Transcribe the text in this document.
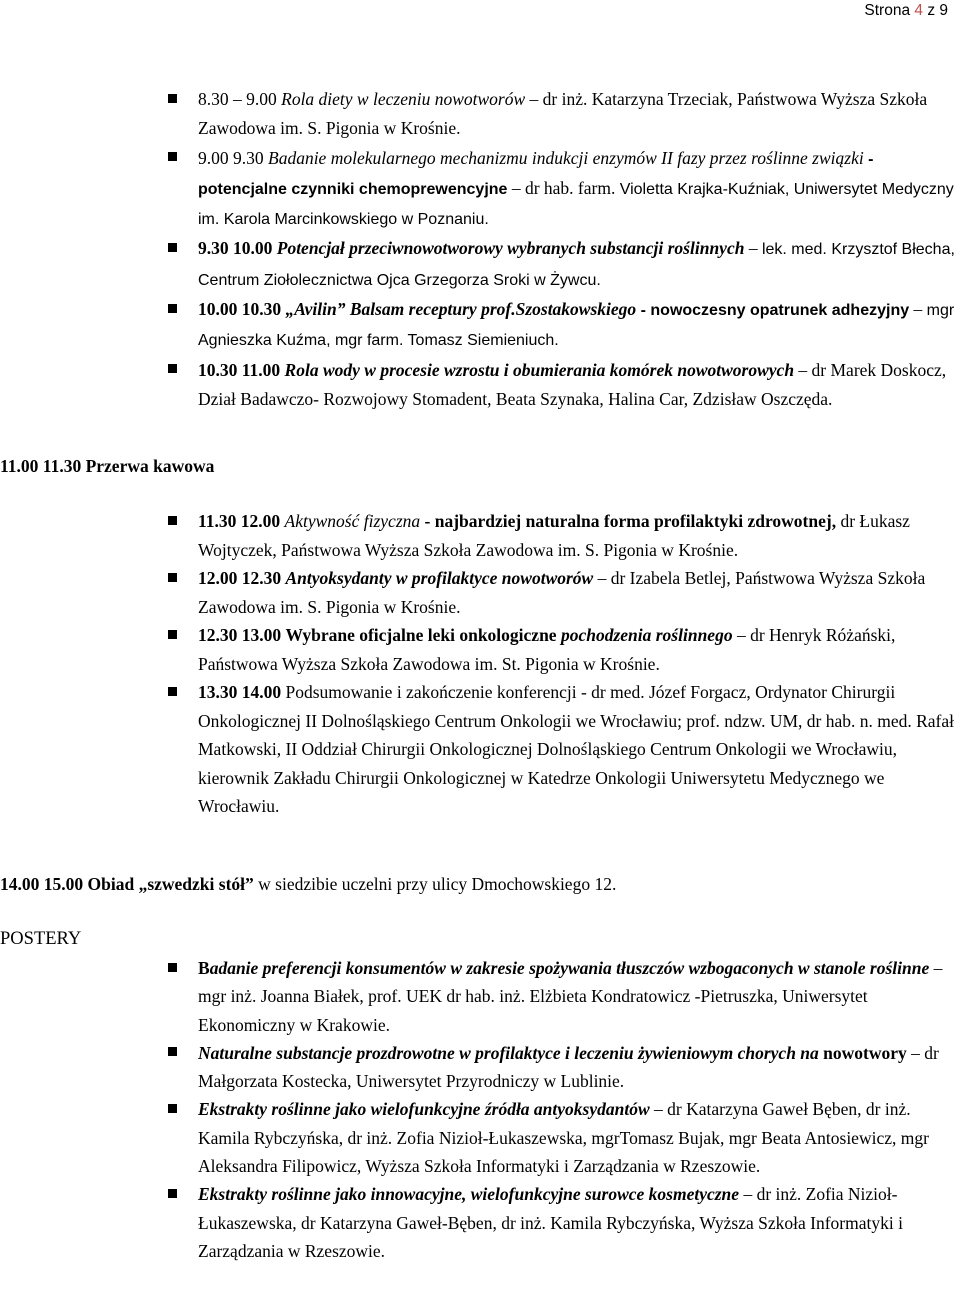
Strona 4 z 9
8.30 – 9.00 Rola diety w leczeniu nowotworów – dr inż. Katarzyna Trzeciak, Państwowa Wyższa Szkoła Zawodowa im. S. Pigonia w Krośnie.
9.00 9.30 Badanie molekularnego mechanizmu indukcji enzymów II fazy przez roślinne związki - potencjalne czynniki chemoprewencyjne – dr hab. farm. Violetta Krajka-Kuźniak, Uniwersytet Medyczny im. Karola Marcinkowskiego w Poznaniu.
9.30 10.00 Potencjał przeciwnowotworowy wybranych substancji roślinnych – lek. med. Krzysztof Błecha, Centrum Ziołolecznictwa Ojca Grzegorza Sroki w Żywcu.
10.00 10.30 „Avilin” Balsam receptury prof.Szostakowskiego - nowoczesny opatrunek adhezyjny – mgr Agnieszka Kuźma, mgr farm. Tomasz Siemieniuch.
10.30 11.00 Rola wody w procesie wzrostu i obumierania komórek nowotworowych – dr Marek Doskocz, Dział Badawczo- Rozwojowy Stomadent, Beata Szynaka, Halina Car, Zdzisław Oszczęda.
11.00 11.30 Przerwa kawowa
11.30 12.00 Aktywność fizyczna - najbardziej naturalna forma profilaktyki zdrowotnej, dr Łukasz Wojtyczek, Państwowa Wyższa Szkoła Zawodowa im. S. Pigonia w Krośnie.
12.00 12.30 Antyoksydanty w profilaktyce nowotworów – dr Izabela Betlej, Państwowa Wyższa Szkoła Zawodowa im. S. Pigonia w Krośnie.
12.30 13.00 Wybrane oficjalne leki onkologiczne pochodzenia roślinnego – dr Henryk Różański, Państwowa Wyższa Szkoła Zawodowa im. St. Pigonia w Krośnie.
13.30 14.00 Podsumowanie i zakończenie konferencji - dr med. Józef Forgacz, Ordynator Chirurgii Onkologicznej II Dolnośląskiego Centrum Onkologii we Wrocławiu; prof. ndzw. UM, dr hab. n. med. Rafał Matkowski, II Oddział Chirurgii Onkologicznej Dolnośląskiego Centrum Onkologii we Wrocławiu, kierownik Zakładu Chirurgii Onkologicznej w Katedrze Onkologii Uniwersytetu Medycznego we Wrocławiu.
14.00 15.00 Obiad „szwedzki stół” w siedzibie uczelni przy ulicy Dmochowskiego 12.
POSTERY
Badanie preferencji konsumentów w zakresie spożywania tłuszczów wzbogaconych w stanole roślinne – mgr inż. Joanna Białek, prof. UEK dr hab. inż. Elżbieta Kondratowicz -Pietruszka, Uniwersytet Ekonomiczny w Krakowie.
Naturalne substancje prozdrowotne w profilaktyce i leczeniu żywieniowym chorych na nowotwory – dr Małgorzata Kostecka, Uniwersytet Przyrodniczy w Lublinie.
Ekstrakty roślinne jako wielofunkcyjne źródła antyoksydantów – dr Katarzyna Gaweł Bęben, dr inż. Kamila Rybczyńska, dr inż. Zofia Nizioł-Łukaszewska, mgrTomasz Bujak, mgr Beata Antosiewicz, mgr Aleksandra Filipowicz, Wyższa Szkoła Informatyki i Zarządzania w Rzeszowie.
Ekstrakty roślinne jako innowacyjne, wielofunkcyjne surowce kosmetyczne – dr inż. Zofia Nizioł-Łukaszewska, dr Katarzyna Gaweł-Bęben, dr inż. Kamila Rybczyńska, Wyższa Szkoła Informatyki i Zarządzania w Rzeszowie.
